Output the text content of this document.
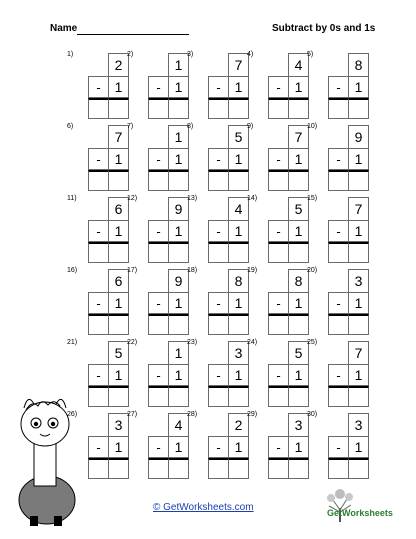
Name	Subtract by 0s and 1s
1)
2
- 1
2)
1
- 1
3)
7
- 1
4)
4
- 1
5)
8
- 1
6)
7
- 1
7)
1
- 1
8)
5
- 1
9)
7
- 1
10)
9
- 1
11)
6
- 1
12)
9
- 1
13)
4
- 1
14)
5
- 1
15)
7
- 1
16)
6
- 1
17)
9
- 1
18)
8
- 1
19)
8
- 1
20)
3
- 1
21)
5
- 1
22)
1
- 1
23)
3
- 1
24)
5
- 1
25)
7
- 1
26)
3
- 1
27)
4
- 1
28)
2
- 1
29)
3
- 1
30)
3
- 1
© GetWorksheets.com	GetWorksheets
